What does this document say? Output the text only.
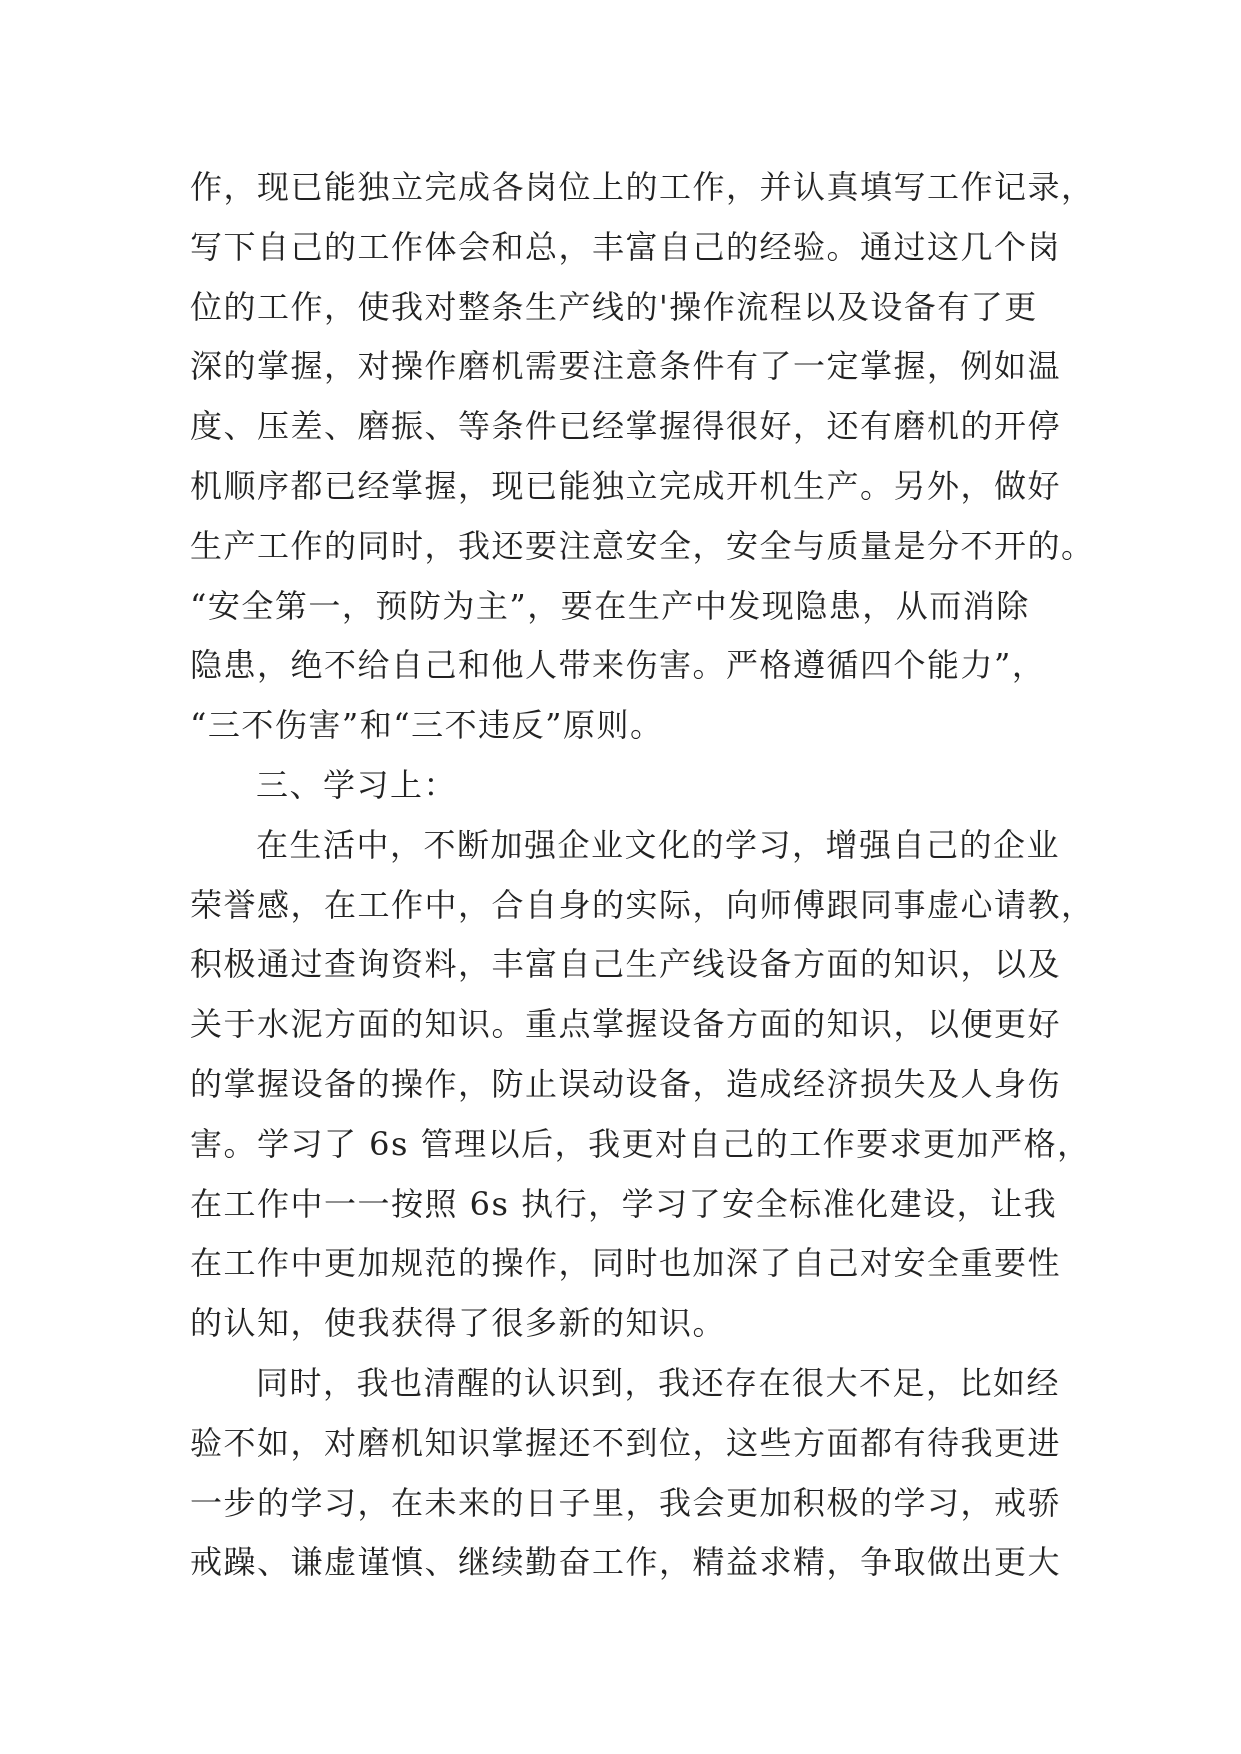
作，现已能独立完成各岗位上的工作，并认真填写工作记录，
写下自己的工作体会和总，丰富自己的经验。通过这几个岗
位的工作，使我对整条生产线的'操作流程以及设备有了更
深的掌握，对操作磨机需要注意条件有了一定掌握，例如温
度、压差、磨振、等条件已经掌握得很好，还有磨机的开停
机顺序都已经掌握，现已能独立完成开机生产。另外，做好
生产工作的同时，我还要注意安全，安全与质量是分不开的。
“安全第一，预防为主”，要在生产中发现隐患，从而消除
隐患，绝不给自己和他人带来伤害。严格遵循四个能力”，
“三不伤害”和“三不违反”原则。
三、学习上：
在生活中，不断加强企业文化的学习，增强自己的企业
荣誉感，在工作中，合自身的实际，向师傅跟同事虚心请教，
积极通过查询资料，丰富自己生产线设备方面的知识，以及
关于水泥方面的知识。重点掌握设备方面的知识，以便更好
的掌握设备的操作，防止误动设备，造成经济损失及人身伤
害。学习了 6s 管理以后，我更对自己的工作要求更加严格，
在工作中一一按照 6s 执行，学习了安全标准化建设，让我
在工作中更加规范的操作，同时也加深了自己对安全重要性
的认知，使我获得了很多新的知识。
同时，我也清醒的认识到，我还存在很大不足，比如经
验不如，对磨机知识掌握还不到位，这些方面都有待我更进
一步的学习，在未来的日子里，我会更加积极的学习，戒骄
戒躁、谦虚谨慎、继续勤奋工作，精益求精，争取做出更大
